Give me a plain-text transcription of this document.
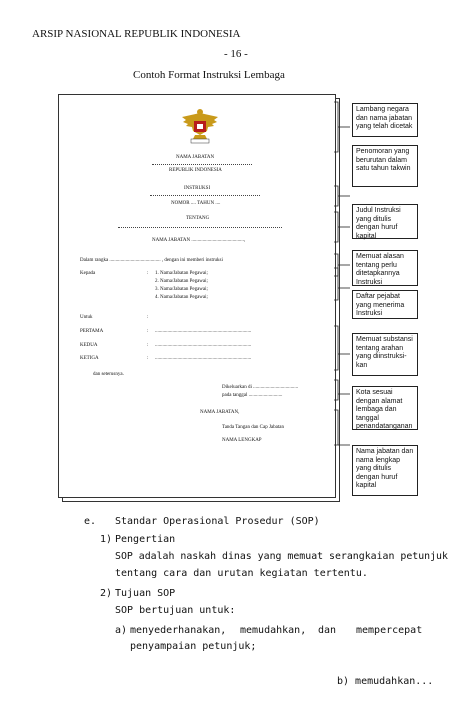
ARSIP NASIONAL REPUBLIK INDONESIA
- 16 -
Contoh Format Instruksi Lembaga
NAMA JABATAN
REPUBLIK INDONESIA
INSTRUKSI
NOMOR .... TAHUN ....
TENTANG
NAMA JABATAN ..........................................,
Dalam rangka ......................................... , dengan ini memberi instruksi
Kepada	: 1. Nama/Jabatan Pegawai;
2. Nama/Jabatan Pegawai;
3. Nama/Jabatan Pegawai;
4. Nama/Jabatan Pegawai;
Untuk	:
PERTAMA	: .............................................................................
KEDUA	: .............................................................................
KETIGA	: .............................................................................
dan seterusnya.
Dikeluarkan di ....................................
pada tanggal ...........................
NAMA JABATAN,
Tanda Tangan dan Cap Jabatan
NAMA LENGKAP
Lambang negara dan nama jabatan yang telah dicetak
Penomoran yang berurutan dalam satu tahun takwin
Judul Instruksi yang ditulis dengan huruf kapital
Memuat alasan tentang perlu ditetapkannya Instruksi
Daftar pejabat yang menerima Instruksi
Memuat substansi tentang arahan yang diinstruksi-kan
Kota sesuai dengan alamat lembaga dan tanggal penandatanganan
Nama jabatan dan nama lengkap yang ditulis dengan huruf kapital
e. Standar Operasional Prosedur (SOP)
1) Pengertian
SOP adalah naskah dinas yang memuat serangkaian petunjuk
tentang cara dan urutan kegiatan tertentu.
2) Tujuan SOP
SOP bertujuan untuk:
a) menyederhanakan, memudahkan, dan mempercepat
penyampaian petunjuk;
b) memudahkan...
